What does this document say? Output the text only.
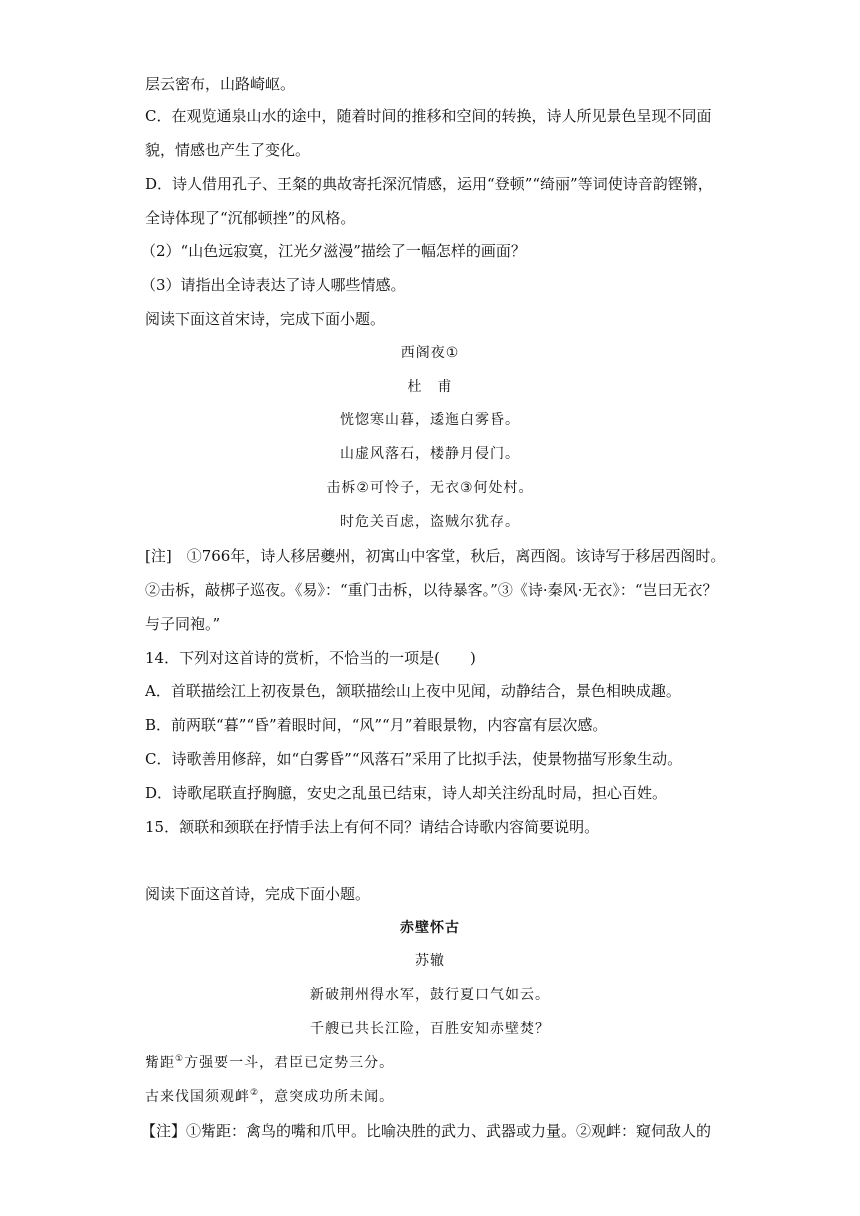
层云密布，山路崎岖。
C．在观览通泉山水的途中，随着时间的推移和空间的转换，诗人所见景色呈现不同面
貌，情感也产生了变化。
D．诗人借用孔子、王粲的典故寄托深沉情感，运用“登顿”“绮丽”等词使诗音韵铿锵，
全诗体现了“沉郁顿挫”的风格。
（2）“山色远寂寞，江光夕滋漫”描绘了一幅怎样的画面？
（3）请指出全诗表达了诗人哪些情感。
阅读下面这首宋诗，完成下面小题。
西阁夜①
杜　甫
恍惚寒山暮，逶迤白雾昏。
山虚风落石，楼静月侵门。
击柝②可怜子，无衣③何处村。
时危关百虑，盗贼尔犹存。
[注]　①766年，诗人移居夔州，初寓山中客堂，秋后，离西阁。该诗写于移居西阁时。
②击柝，敲梆子巡夜。《易》：“重门击柝，以待暴客。”③《诗·秦风·无衣》：“岂曰无衣？
与子同袍。”
14．下列对这首诗的赏析，不恰当的一项是(　　)
A．首联描绘江上初夜景色，颔联描绘山上夜中见闻，动静结合，景色相映成趣。
B．前两联“暮”“昏”着眼时间，“风”“月”着眼景物，内容富有层次感。
C．诗歌善用修辞，如“白雾昏”“风落石”采用了比拟手法，使景物描写形象生动。
D．诗歌尾联直抒胸臆，安史之乱虽已结束，诗人却关注纷乱时局，担心百姓。
15．颔联和颈联在抒情手法上有何不同？请结合诗歌内容简要说明。
阅读下面这首诗，完成下面小题。
赤壁怀古
苏辙
新破荆州得水军，鼓行夏口气如云。
千艘已共长江险，百胜安知赤壁焚？
觜距①方强要一斗，君臣已定势三分。
古来伐国须观衅②，意突成功所未闻。
【注】①觜距：禽鸟的嘴和爪甲。比喻决胜的武力、武器或力量。②观衅：窥伺敌人的
